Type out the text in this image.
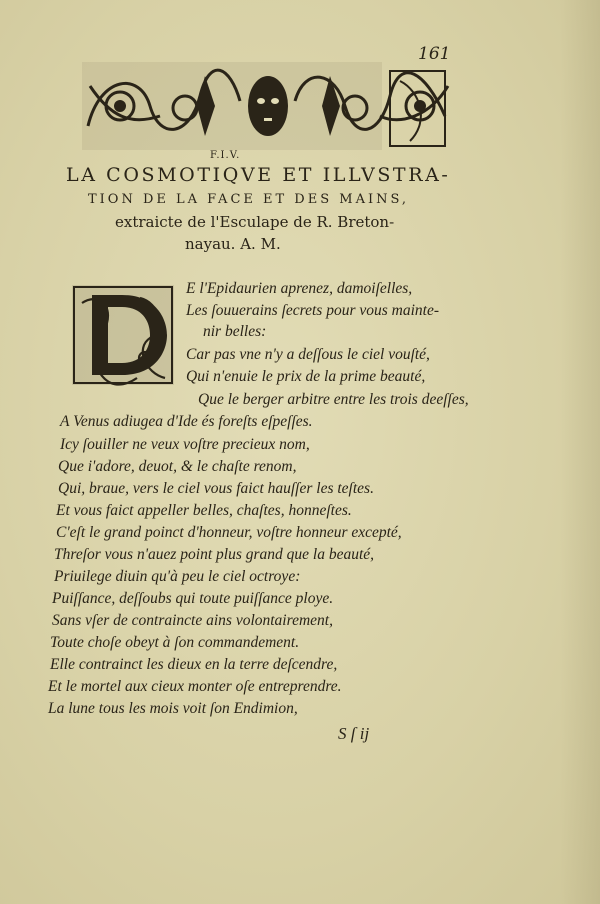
161
F.I.V.
LA COSMOTIQVE ET ILLVSTRA-
TION DE LA FACE ET DES MAINS,
extraicte de l'Esculape de R. Breton-
nayau. A. M.
E l'Epidaurien aprenez, damoiſelles,
Les ſouuerains ſecrets pour vous mainte-
nir belles:
Car pas vne n'y a deſſous le ciel vouſté,
Qui n'enuie le prix de la prime beauté,
Que le berger arbitre entre les trois deeſſes,
A Venus adiugea d'Ide és foreſts eſpeſſes.
Icy ſouiller ne veux voſtre precieux nom,
Que i'adore, deuot, & le chaſte renom,
Qui, braue, vers le ciel vous faict hauſſer les teſtes.
Et vous faict appeller belles, chaſtes, honneſtes.
C'eſt le grand poinct d'honneur, voſtre honneur excepté,
Threſor vous n'auez point plus grand que la beauté,
Priuilege diuin qu'à peu le ciel octroye:
Puiſſance, deſſoubs qui toute puiſſance ploye.
Sans vſer de contraincte ains volontairement,
Toute choſe obeyt à ſon commandement.
Elle contrainct les dieux en la terre deſcendre,
Et le mortel aux cieux monter oſe entreprendre.
La lune tous les mois voit ſon Endimion,
S ſ ij
